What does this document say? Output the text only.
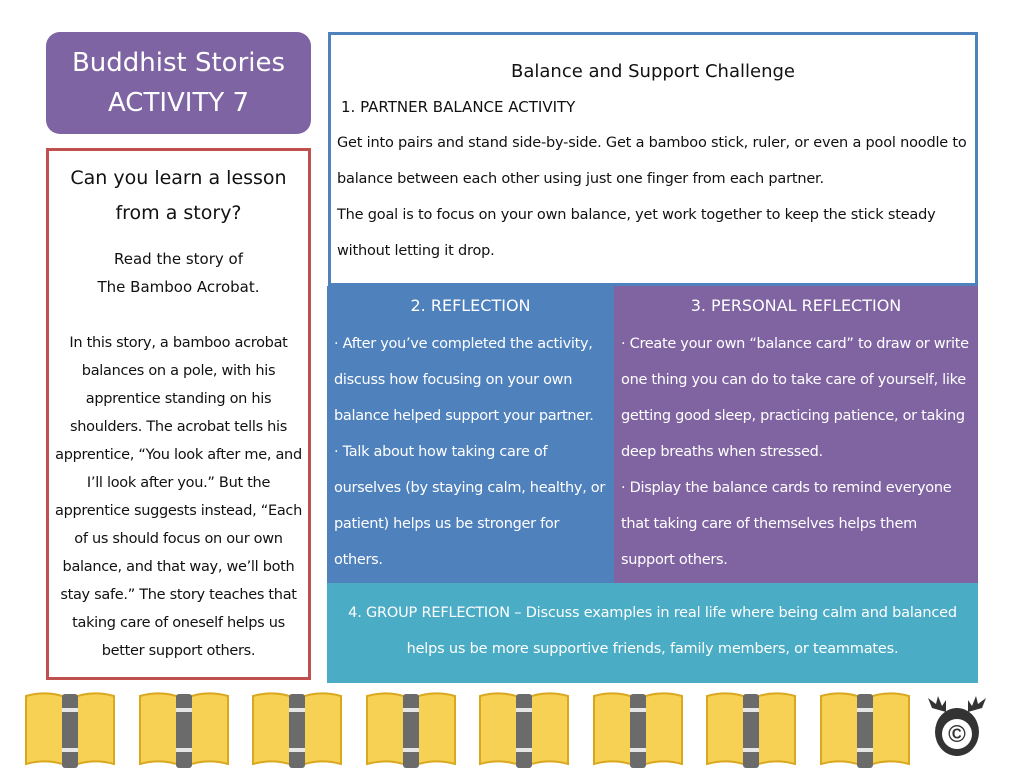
Buddhist Stories
ACTIVITY 7
Can you learn a lesson from a story?
Read the story of
The Bamboo Acrobat.
In this story, a bamboo acrobat balances on a pole, with his apprentice standing on his shoulders. The acrobat tells his apprentice, “You look after me, and I’ll look after you.” But the apprentice suggests instead, “Each of us should focus on our own balance, and that way, we’ll both stay safe.” The story teaches that taking care of oneself helps us better support others.
Balance and Support Challenge
1. PARTNER BALANCE ACTIVITY
Get into pairs and stand side-by-side. Get a bamboo stick, ruler, or even a pool noodle to balance between each other using just one finger from each partner.
The goal is to focus on your own balance, yet work together to keep the stick steady without letting it drop.
2. REFLECTION
· After you’ve completed the activity, discuss how focusing on your own balance helped support your partner.
· Talk about how taking care of ourselves (by staying calm, healthy, or patient) helps us be stronger for others.
3. PERSONAL REFLECTION
· Create your own “balance card” to draw or write one thing you can do to take care of yourself, like getting good sleep, practicing patience, or taking deep breaths when stressed.
· Display the balance cards to remind everyone that taking care of themselves helps them support others.
4. GROUP REFLECTION – Discuss examples in real life where being calm and balanced helps us be more supportive friends, family members, or teammates.
©
